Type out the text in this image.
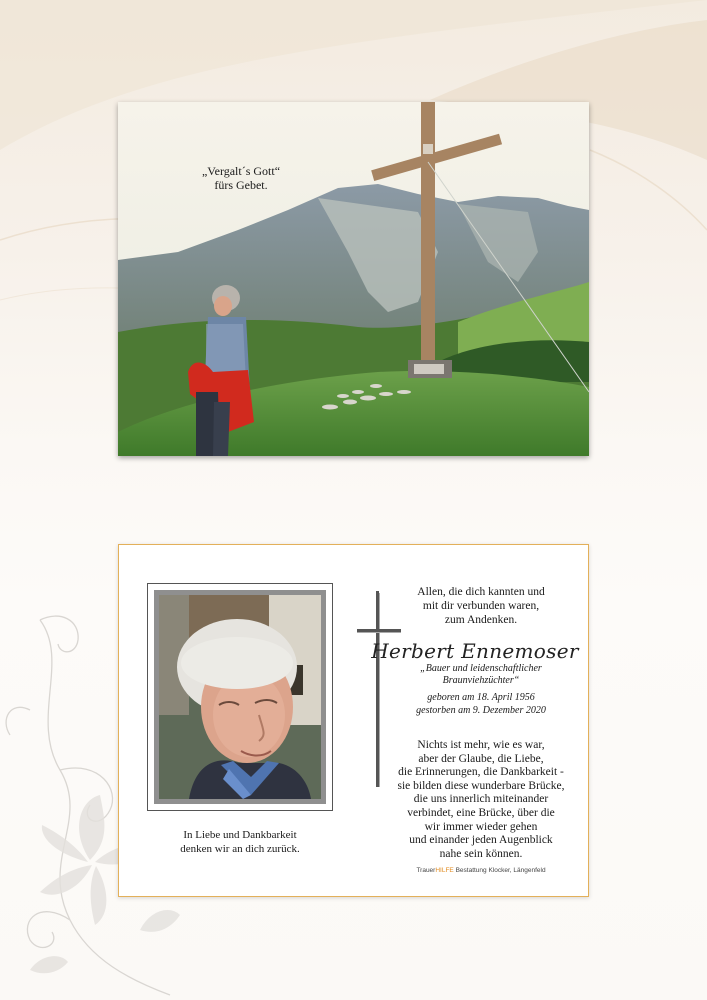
„Vergalt´s Gott“
fürs Gebet.
In Liebe und Dankbarkeit
denken wir an dich zurück.
Allen, die dich kannten und
mit dir verbunden waren,
zum Andenken.
Herbert Ennemoser
„Bauer und leidenschaftlicher
Braunviehzüchter“
geboren am 18. April 1956
gestorben am 9. Dezember 2020
Nichts ist mehr, wie es war,
aber der Glaube, die Liebe,
die Erinnerungen, die Dankbarkeit -
sie bilden diese wunderbare Brücke,
die uns innerlich miteinander
verbindet, eine Brücke, über die
wir immer wieder gehen
und einander jeden Augenblick
nahe sein können.
TrauerHILFE Bestattung Klocker, Längenfeld
